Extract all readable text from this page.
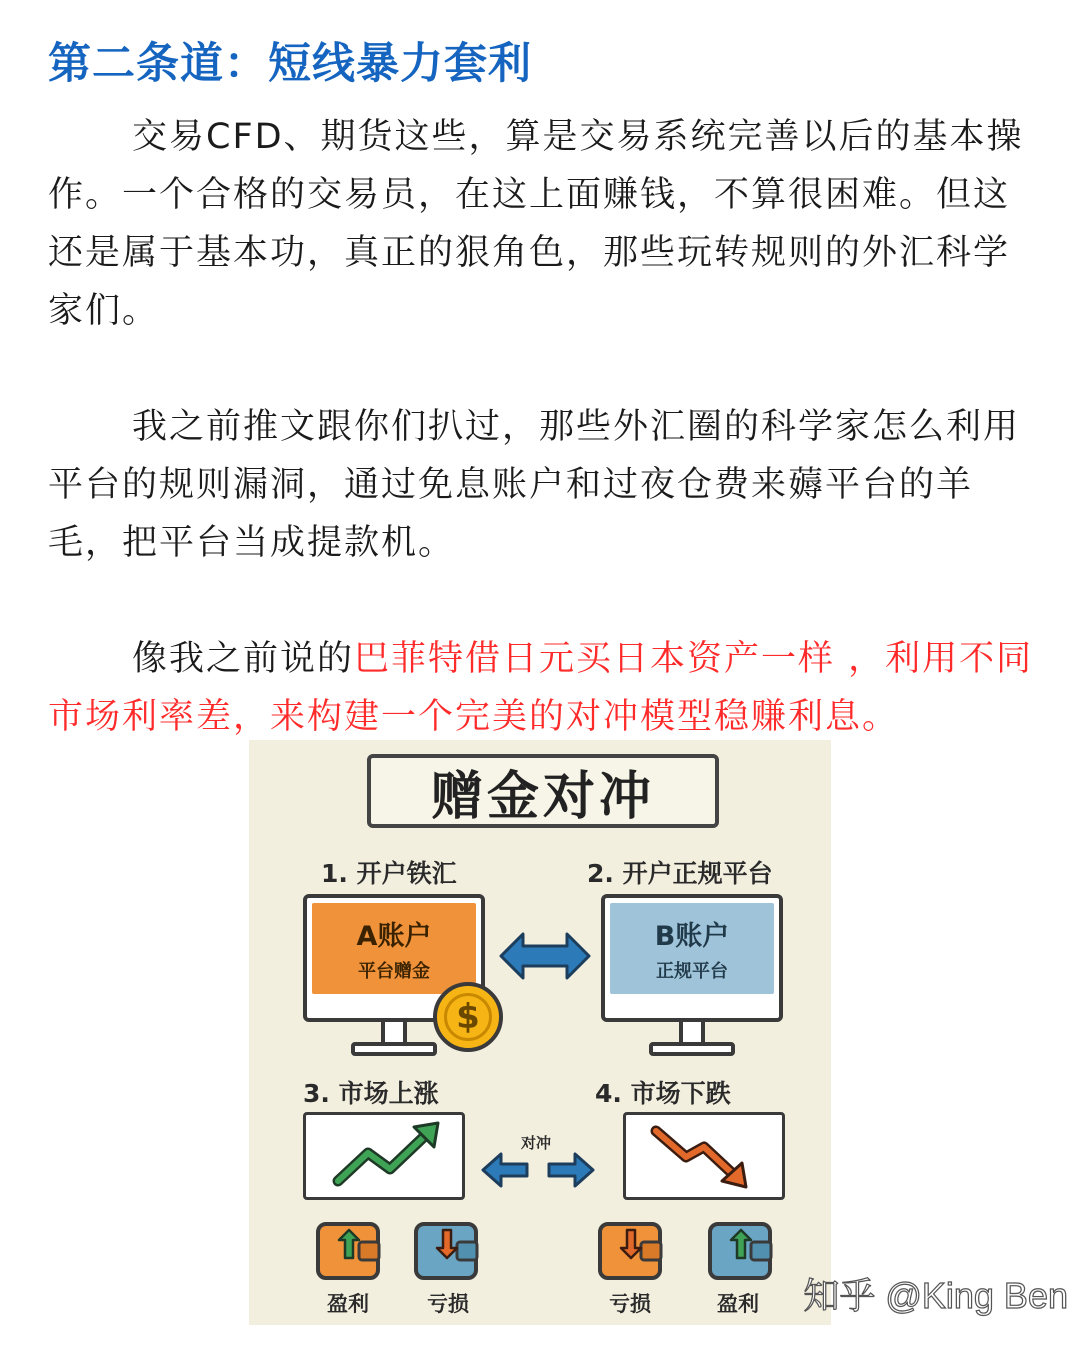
第二条道：短线暴力套利

交易CFD、期货这些，算是交易系统完善以后的基本操作。一个合格的交易员，在这上面赚钱，不算很困难。但这还是属于基本功，真正的狠角色，那些玩转规则的外汇科学家们。

我之前推文跟你们扒过，那些外汇圈的科学家怎么利用平台的规则漏洞，通过免息账户和过夜仓费来薅平台的羊毛，把平台当成提款机。

像我之前说的巴菲特借日元买日本资产一样 ，利用不同市场利率差，来构建一个完美的对冲模型稳赚利息。

赠金对冲
1. 开户铁汇	2. 开户正规平台
A账户
平台赠金
B账户
正规平台
$
3. 市场上涨	4. 市场下跌
对冲
盈利	亏损	亏损	盈利 知乎 @King Ben
